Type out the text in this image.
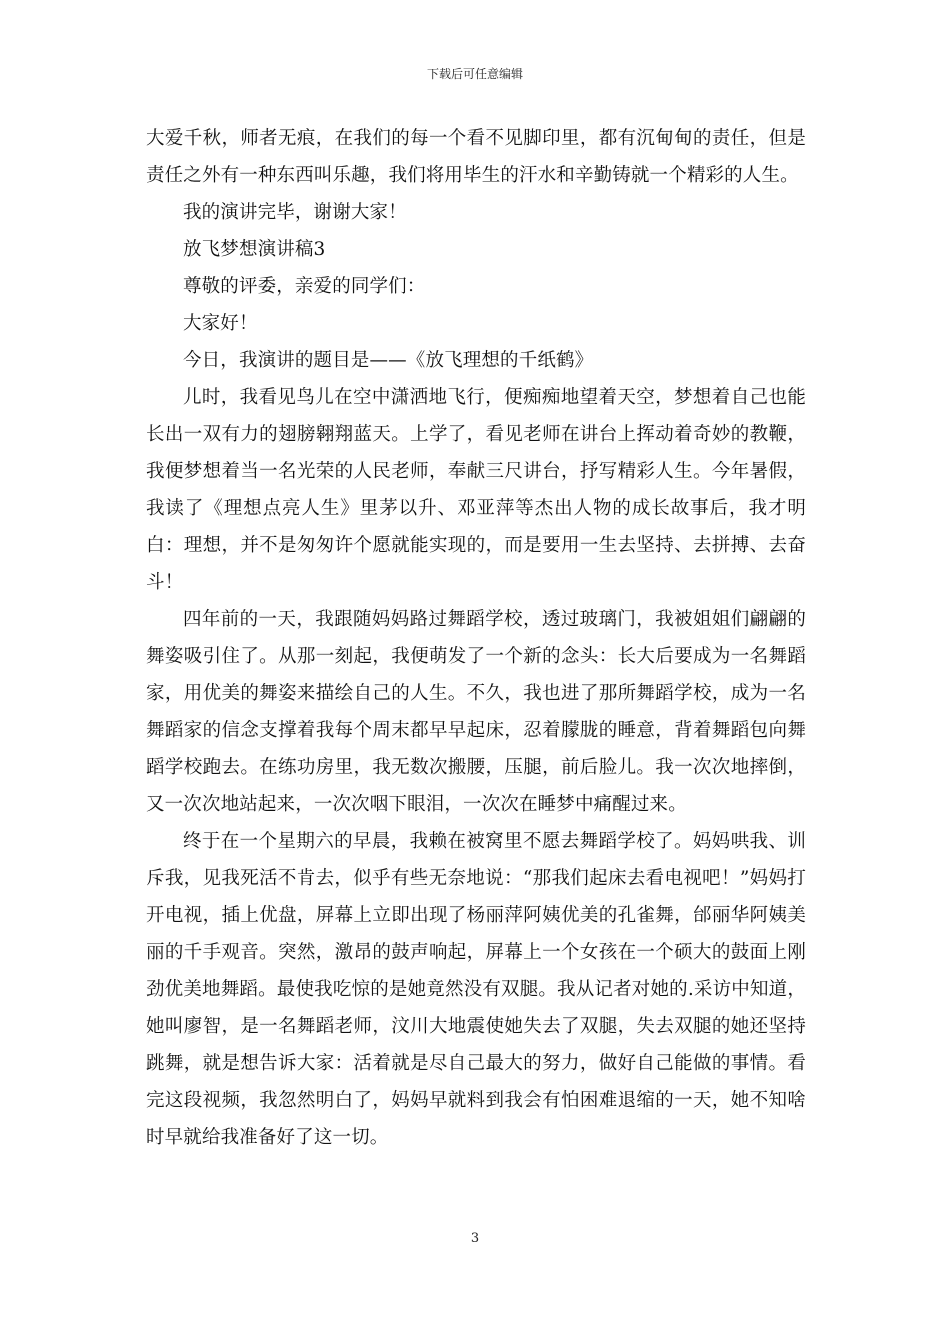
下载后可任意编辑

大爱千秋，师者无痕，在我们的每一个看不见脚印里，都有沉甸甸的责任，但是责任之外有一种东西叫乐趣，我们将用毕生的汗水和辛勤铸就一个精彩的人生。

我的演讲完毕，谢谢大家！

放飞梦想演讲稿3

尊敬的评委，亲爱的同学们：

大家好！

今日，我演讲的题目是——《放飞理想的千纸鹤》

儿时，我看见鸟儿在空中潇洒地飞行，便痴痴地望着天空，梦想着自己也能长出一双有力的翅膀翱翔蓝天。上学了，看见老师在讲台上挥动着奇妙的教鞭，我便梦想着当一名光荣的人民老师，奉献三尺讲台，抒写精彩人生。今年暑假，我读了《理想点亮人生》里茅以升、邓亚萍等杰出人物的成长故事后，我才明白：理想，并不是匆匆许个愿就能实现的，而是要用一生去坚持、去拼搏、去奋斗！

四年前的一天，我跟随妈妈路过舞蹈学校，透过玻璃门，我被姐姐们翩翩的舞姿吸引住了。从那一刻起，我便萌发了一个新的念头：长大后要成为一名舞蹈家，用优美的舞姿来描绘自己的人生。不久，我也进了那所舞蹈学校，成为一名舞蹈家的信念支撑着我每个周末都早早起床，忍着朦胧的睡意，背着舞蹈包向舞蹈学校跑去。在练功房里，我无数次搬腰，压腿，前后脸儿。我一次次地摔倒，又一次次地站起来，一次次咽下眼泪，一次次在睡梦中痛醒过来。

终于在一个星期六的早晨，我赖在被窝里不愿去舞蹈学校了。妈妈哄我、训斥我，见我死活不肯去，似乎有些无奈地说：“那我们起床去看电视吧！”妈妈打开电视，插上优盘，屏幕上立即出现了杨丽萍阿姨优美的孔雀舞，邰丽华阿姨美丽的千手观音。突然，激昂的鼓声响起，屏幕上一个女孩在一个硕大的鼓面上刚劲优美地舞蹈。最使我吃惊的是她竟然没有双腿。我从记者对她的.采访中知道，她叫廖智，是一名舞蹈老师，汶川大地震使她失去了双腿，失去双腿的她还坚持跳舞，就是想告诉大家：活着就是尽自己最大的努力，做好自己能做的事情。看完这段视频，我忽然明白了，妈妈早就料到我会有怕困难退缩的一天，她不知啥时早就给我准备好了这一切。

3
